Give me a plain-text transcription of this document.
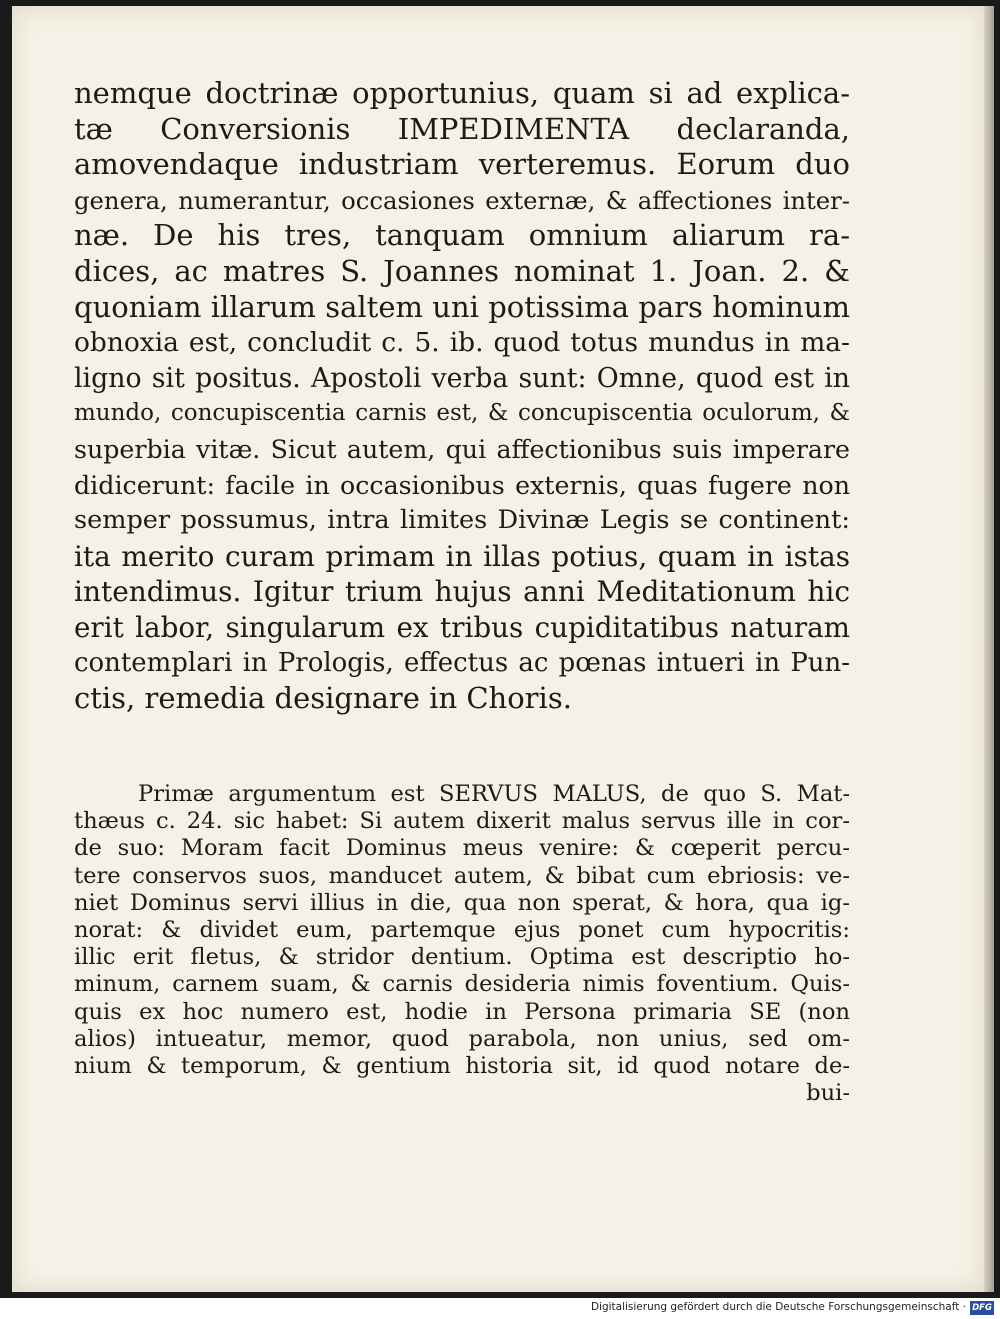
nemque doctrinæ opportunius, quam si ad explica-
tæ Conversionis IMPEDIMENTA declaranda,
amovendaque industriam verteremus. Eorum duo
genera, numerantur, occasiones externæ, & affectiones inter-
næ. De his tres, tanquam omnium aliarum ra-
dices, ac matres S. Joannes nominat 1. Joan. 2. &
quoniam illarum saltem uni potissima pars hominum
obnoxia est, concludit c. 5. ib. quod totus mundus in ma-
ligno sit positus. Apostoli verba sunt: Omne, quod est in
mundo, concupiscentia carnis est, & concupiscentia oculorum, &
superbia vitæ. Sicut autem, qui affectionibus suis imperare
didicerunt: facile in occasionibus externis, quas fugere non
semper possumus, intra limites Divinæ Legis se continent:
ita merito curam primam in illas potius, quam in istas
intendimus. Igitur trium hujus anni Meditationum hic
erit labor, singularum ex tribus cupiditatibus naturam
contemplari in Prologis, effectus ac pœnas intueri in Pun-
ctis, remedia designare in Choris.
Primæ argumentum est SERVUS MALUS, de quo S. Mat-
thæus c. 24. sic habet: Si autem dixerit malus servus ille in cor-
de suo: Moram facit Dominus meus venire: & cœperit percu-
tere conservos suos, manducet autem, & bibat cum ebriosis: ve-
niet Dominus servi illius in die, qua non sperat, & hora, qua ig-
norat: & dividet eum, partemque ejus ponet cum hypocritis:
illic erit fletus, & stridor dentium. Optima est descriptio ho-
minum, carnem suam, & carnis desideria nimis foventium. Quis-
quis ex hoc numero est, hodie in Persona primaria SE (non
alios) intueatur, memor, quod parabola, non unius, sed om-
nium & temporum, & gentium historia sit, id quod notare de-
bui-
Digitalisierung gefördert durch die Deutsche Forschungsgemeinschaft · DFG
